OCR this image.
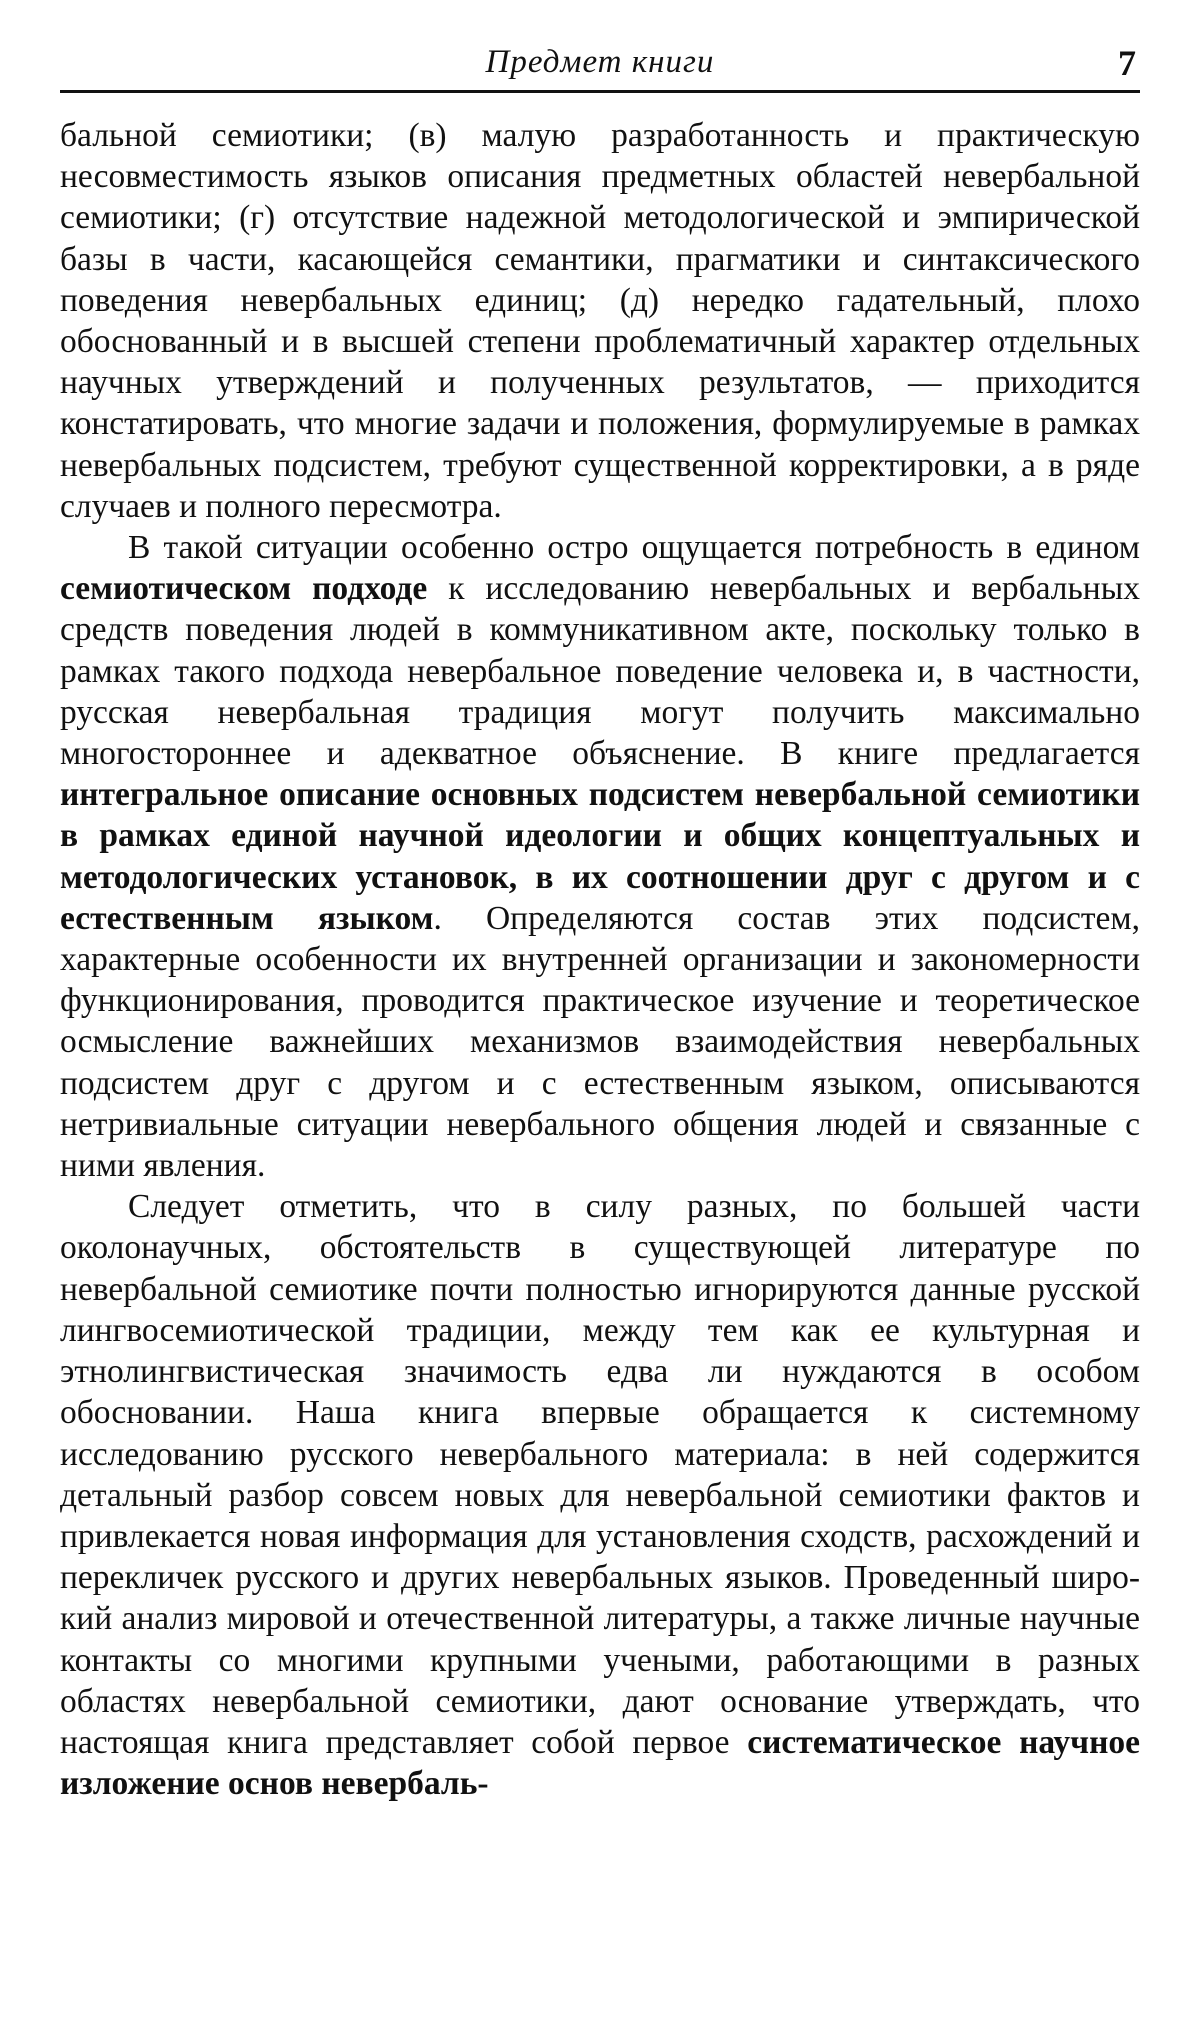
Предмет книги	7

бальной семиотики; (в) малую разработанность и практическую несовместимость языков описания предметных областей невербальной семиотики; (г) отсутствие надежной методологической и эмпирической базы в части, касающейся семантики, прагматики и синтаксического поведения невербальных единиц; (д) нередко гадательный, плохо обоснованный и в высшей степени проблематичный характер отдельных научных утверждений и полученных результатов, — приходится констатировать, что многие задачи и положения, формулируемые в рамках невербальных подсистем, требуют существенной корректировки, а в ряде случаев и полного пересмотра.

В такой ситуации особенно остро ощущается потребность в едином семиотическом подходе к исследованию невербальных и вербальных средств поведения людей в коммуникативном акте, поскольку только в рамках такого подхода невербальное поведение человека и, в частности, русская невербальная традиция могут получить максимально многостороннее и адекватное объяснение. В книге предлагается интегральное описание основных подсистем невербальной семиотики в рамках единой научной идеологии и общих концептуальных и методологических установок, в их соотношении друг с другом и с естественным языком. Определяются состав этих подсистем, характерные особенности их внутренней организации и закономерности функционирования, проводится практическое изучение и теоретическое осмысление важнейших механизмов взаимодействия невербальных подсистем друг с другом и с естественным языком, описываются нетривиальные ситуации невербального общения людей и связанные с ними явления.

Следует отметить, что в силу разных, по большей части околонаучных, обстоятельств в существующей литературе по невербальной семиотике почти полностью игнорируются данные русской лингвосемиотической традиции, между тем как ее культурная и этнолингвистическая значимость едва ли нуждаются в особом обосновании. Наша книга впервые обращается к системному исследованию русского невербального материала: в ней содержится детальный разбор совсем новых для невербальной семиотики фактов и привлекается новая информация для установления сходств, расхождений и перекличек русского и других невербальных языков. Проведенный широкий анализ мировой и отечественной литературы, а также личные научные контакты со многими крупными учеными, работающими в разных областях невербальной семиотики, дают основание утверждать, что настоящая книга представляет собой первое систематическое научное изложение основ невербаль-
